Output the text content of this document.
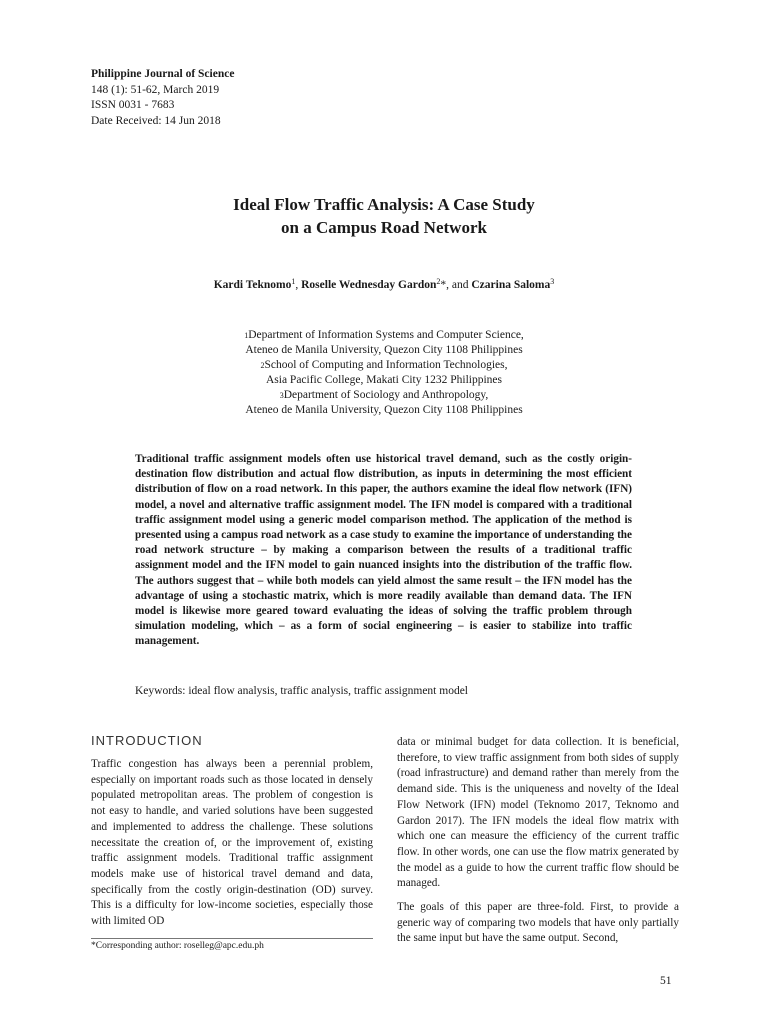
Philippine Journal of Science
148 (1): 51-62, March 2019
ISSN 0031 - 7683
Date Received: 14 Jun 2018
Ideal Flow Traffic Analysis: A Case Study
on a Campus Road Network
Kardi Teknomo$^1$, Roselle Wednesday Gardon$^2$*, and Czarina Saloma$^3$
$^1$Department of Information Systems and Computer Science,
Ateneo de Manila University, Quezon City 1108 Philippines
$^2$School of Computing and Information Technologies,
Asia Pacific College, Makati City 1232 Philippines
$^3$Department of Sociology and Anthropology,
Ateneo de Manila University, Quezon City 1108 Philippines
Traditional traffic assignment models often use historical travel demand, such as the costly origin-destination flow distribution and actual flow distribution, as inputs in determining the most efficient distribution of flow on a road network. In this paper, the authors examine the ideal flow network (IFN) model, a novel and alternative traffic assignment model. The IFN model is compared with a traditional traffic assignment model using a generic model comparison method. The application of the method is presented using a campus road network as a case study to examine the importance of understanding the road network structure – by making a comparison between the results of a traditional traffic assignment model and the IFN model to gain nuanced insights into the distribution of the traffic flow. The authors suggest that – while both models can yield almost the same result – the IFN model has the advantage of using a stochastic matrix, which is more readily available than demand data. The IFN model is likewise more geared toward evaluating the ideas of solving the traffic problem through simulation modeling, which – as a form of social engineering – is easier to stabilize into traffic management.
Keywords: ideal flow analysis, traffic analysis, traffic assignment model
INTRODUCTION
Traffic congestion has always been a perennial problem, especially on important roads such as those located in densely populated metropolitan areas. The problem of congestion is not easy to handle, and varied solutions have been suggested and implemented to address the challenge. These solutions necessitate the creation of, or the improvement of, existing traffic assignment models. Traditional traffic assignment models make use of historical travel demand and data, specifically from the costly origin-destination (OD) survey. This is a difficulty for low-income societies, especially those with limited OD

data or minimal budget for data collection. It is beneficial, therefore, to view traffic assignment from both sides of supply (road infrastructure) and demand rather than merely from the demand side. This is the uniqueness and novelty of the Ideal Flow Network (IFN) model (Teknomo 2017, Teknomo and Gardon 2017). The IFN models the ideal flow matrix with which one can measure the efficiency of the current traffic flow. In other words, one can use the flow matrix generated by the model as a guide to how the current traffic flow should be managed.

The goals of this paper are three-fold. First, to provide a generic way of comparing two models that have only partially the same input but have the same output. Second,

*Corresponding author: roselleg@apc.edu.ph
51
